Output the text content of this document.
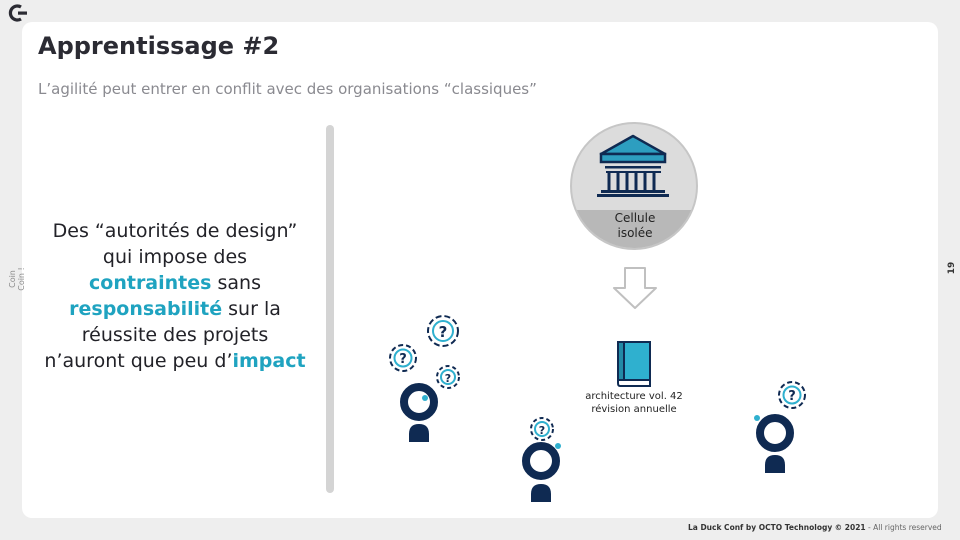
Apprentissage #2
L’agilité peut entrer en conflit avec des organisations “classiques”
Coin Coin !	19
Des “autorités de design” qui impose des contraintes sans responsabilité sur la réussite des projets n’auront que peu d’impact
Cellule
isolée
architecture vol. 42
révision annuelle
?
?
?
?
?
La Duck Conf by OCTO Technology © 2021 - All rights reserved
